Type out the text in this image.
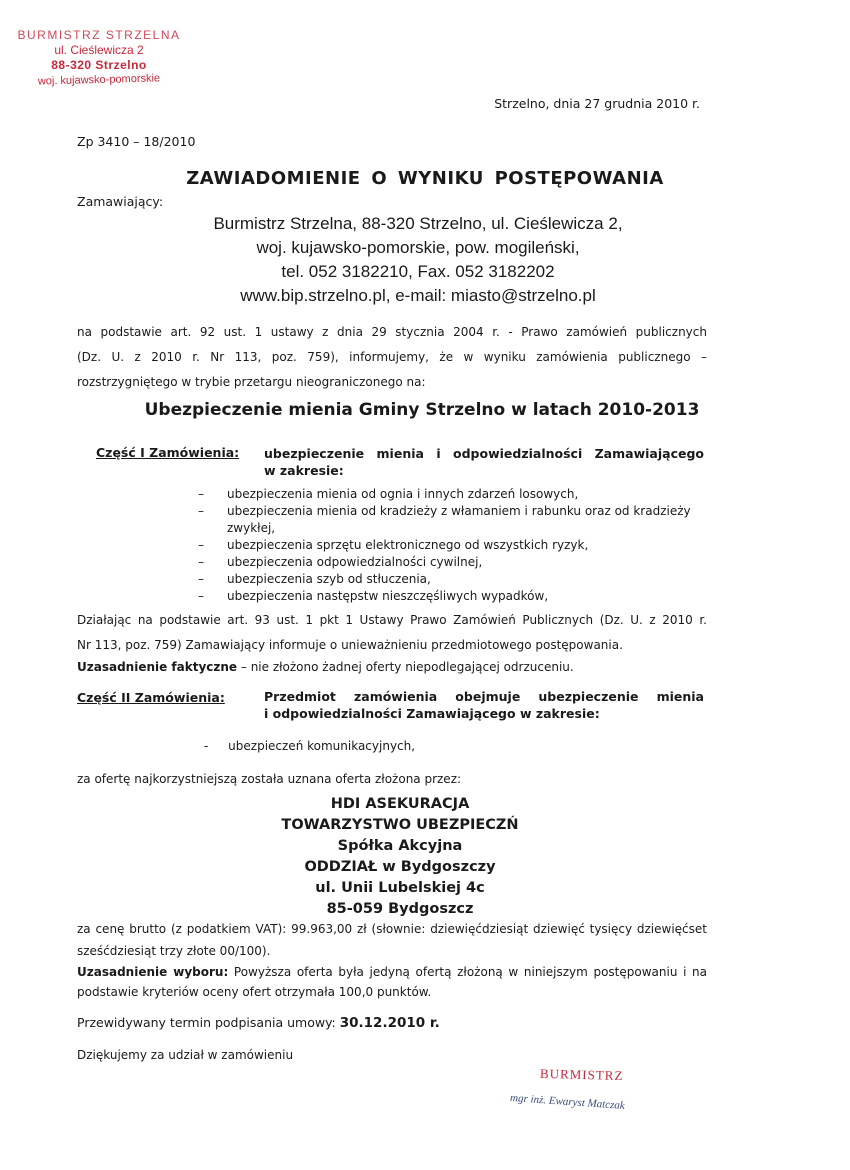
BURMISTRZ STRZELNA
ul. Cieślewicza 2
88-320 Strzelno
woj. kujawsko-pomorskie
Strzelno, dnia 27 grudnia 2010 r.
Zp 3410 – 18/2010
ZAWIADOMIENIE O WYNIKU POSTĘPOWANIA
Zamawiający:
Burmistrz Strzelna, 88-320 Strzelno, ul. Cieślewicza 2,
woj. kujawsko-pomorskie, pow. mogileński,
tel. 052 3182210, Fax. 052 3182202
www.bip.strzelno.pl, e-mail: miasto@strzelno.pl
na podstawie art. 92 ust. 1 ustawy z dnia 29 stycznia 2004 r. - Prawo zamówień publicznych
(Dz. U. z 2010 r. Nr 113, poz. 759), informujemy, że w wyniku zamówienia publicznego –
rozstrzygniętego w trybie przetargu nieograniczonego na:
Ubezpieczenie mienia Gminy Strzelno w latach 2010-2013
Część I Zamówienia: ubezpieczenie mienia i odpowiedzialności Zamawiającego
w zakresie:
– ubezpieczenia mienia od ognia i innych zdarzeń losowych,
– ubezpieczenia mienia od kradzieży z włamaniem i rabunku oraz od kradzieży zwykłej,
– ubezpieczenia sprzętu elektronicznego od wszystkich ryzyk,
– ubezpieczenia odpowiedzialności cywilnej,
– ubezpieczenia szyb od stłuczenia,
– ubezpieczenia następstw nieszczęśliwych wypadków,
Działając na podstawie art. 93 ust. 1 pkt 1 Ustawy Prawo Zamówień Publicznych (Dz. U. z 2010 r.
Nr 113, poz. 759) Zamawiający informuje o unieważnieniu przedmiotowego postępowania.
Uzasadnienie faktyczne – nie złożono żadnej oferty niepodlegającej odrzuceniu.
Część II Zamówienia:	Przedmiot zamówienia obejmuje ubezpieczenie mienia
i odpowiedzialności Zamawiającego w zakresie:
- ubezpieczeń komunikacyjnych,
za ofertę najkorzystniejszą została uznana oferta złożona przez:
HDI ASEKURACJA
TOWARZYSTWO UBEZPIECZŃ
Spółka Akcyjna
ODDZIAŁ w Bydgoszczy
ul. Unii Lubelskiej 4c
85-059 Bydgoszcz
za cenę brutto (z podatkiem VAT): 99.963,00 zł (słownie: dziewięćdziesiąt dziewięć tysięcy dziewięćset
sześćdziesiąt trzy złote 00/100).
Uzasadnienie wyboru: Powyższa oferta była jedyną ofertą złożoną w niniejszym postępowaniu i na
podstawie kryteriów oceny ofert otrzymała 100,0 punktów.
Przewidywany termin podpisania umowy: 30.12.2010 r.
Dziękujemy za udział w zamówieniu
BURMISTRZ
mgr inż. Ewaryst Matczak
